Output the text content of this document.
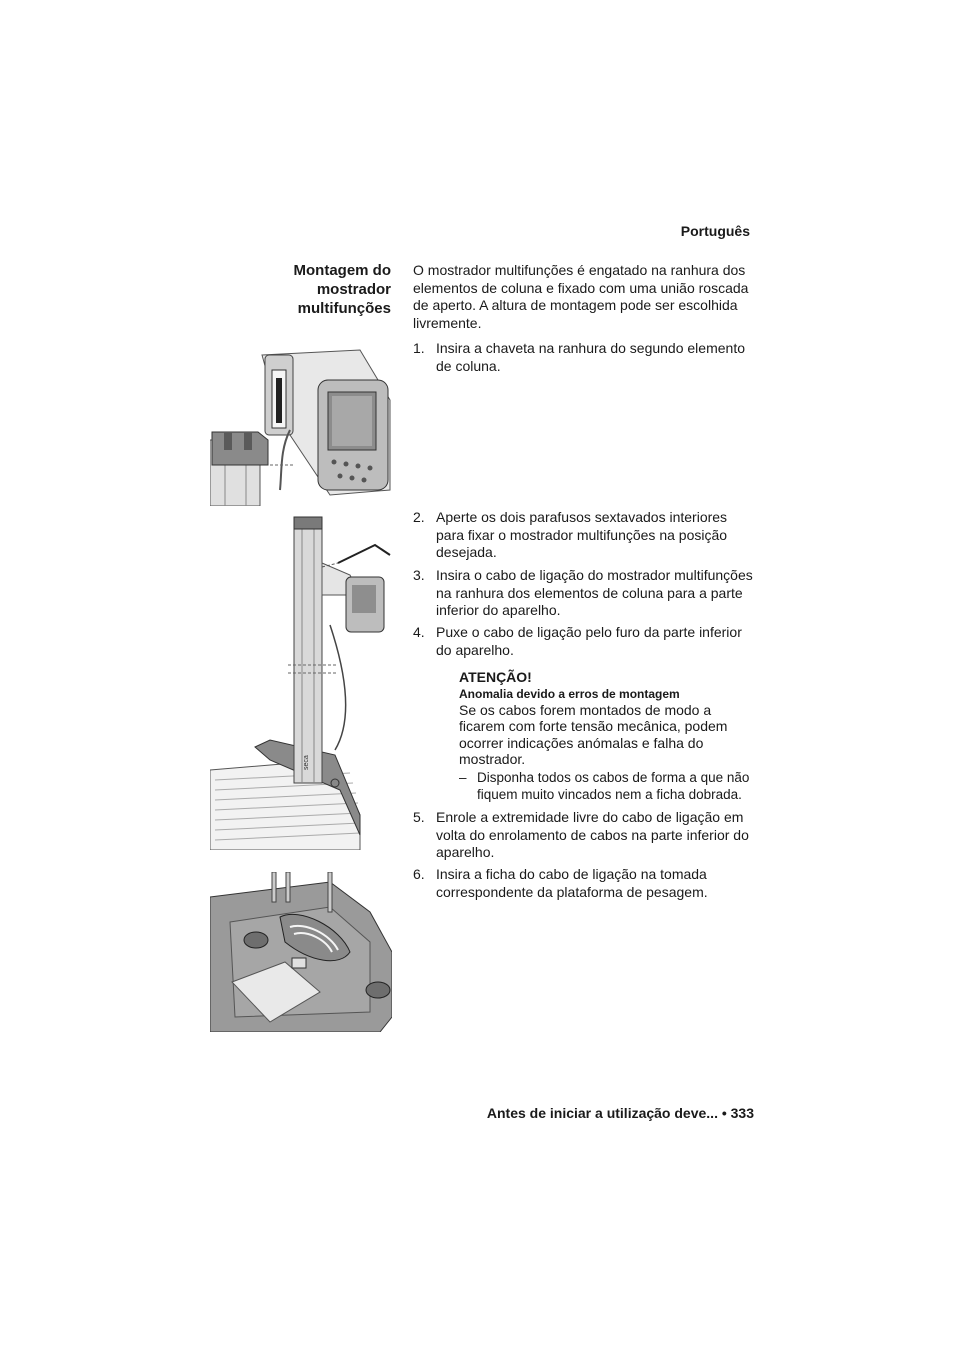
Português
Montagem do
mostrador
multifunções
O mostrador multifunções é engatado na ranhura dos elementos de coluna e fixado com uma união roscada de aperto. A altura de montagem pode ser escolhida livremente.
1. Insira a chaveta na ranhura do segundo elemento de coluna.
2. Aperte os dois parafusos sextavados interiores para fixar o mostrador multifunções na posição desejada.
3. Insira o cabo de ligação do mostrador multifunções na ranhura dos elementos de coluna para a parte inferior do aparelho.
4. Puxe o cabo de ligação pelo furo da parte inferior do aparelho.
ATENÇÃO!
Anomalia devido a erros de montagem
Se os cabos forem montados de modo a ficarem com forte tensão mecânica, podem ocorrer indicações anómalas e falha do mostrador.
– Disponha todos os cabos de forma a que não fiquem muito vincados nem a ficha dobrada.
5. Enrole a extremidade livre do cabo de ligação em volta do enrolamento de cabos na parte inferior do aparelho.
6. Insira a ficha do cabo de ligação na tomada correspondente da plataforma de pesagem.
seca
Antes de iniciar a utilização deve... • 333
